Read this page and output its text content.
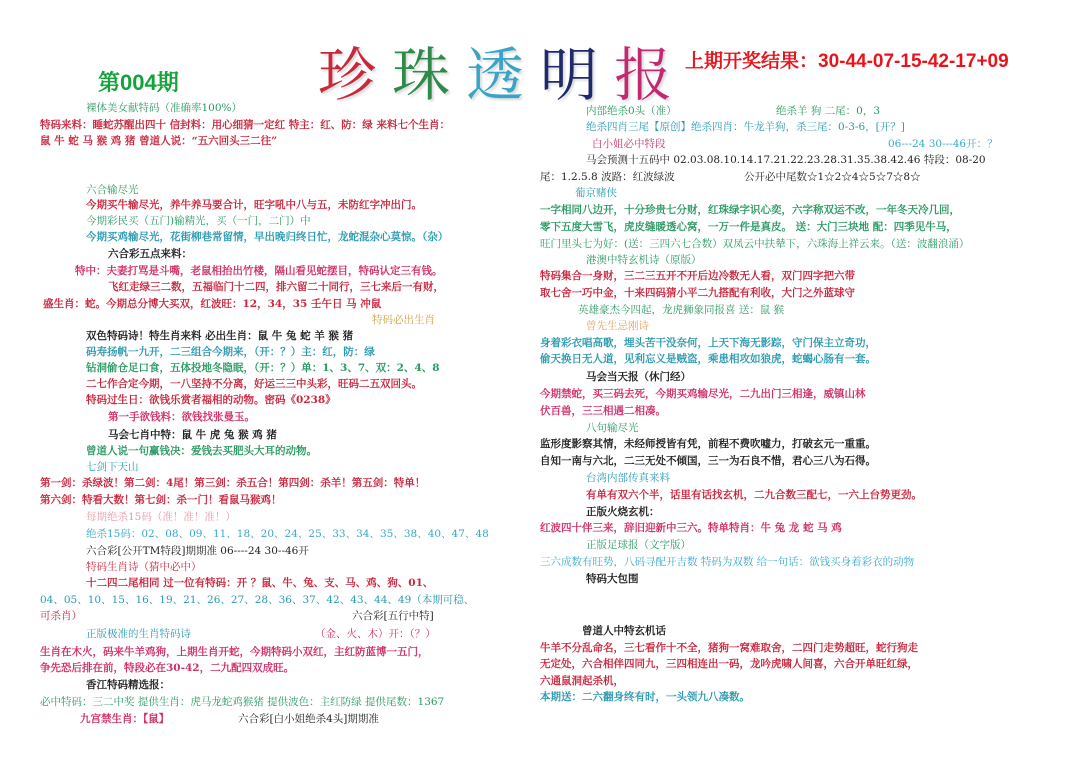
珍 珠 透 明 报 上期开奖结果：30-44-07-15-42-17+09
第004期
裸体美女献特码（准确率100%）
特码来料：睡蛇苏醒出四十 信封料：用心细猜一定红 特主：红、防：绿 来料七个生肖：
鼠 牛 蛇 马 猴 鸡 猪 曾道人说：“五六回头三二往”
六合输尽光
今期买牛输尽光，养牛养马要合计，旺字吼中八与五，未防红字冲出门。
今期彩民买（五门)输精光，买（一门，二门）中
今期买鸡输尽光，花街柳巷常留情，早出晚归终日忙，龙蛇混杂心莫惊。（杂）
六合彩五点来料：
特中：夫妻打骂是斗嘴，老鼠相抬出竹楼，隔山看见蛇摆目，特码认定三有钱。
飞红走绿三二数，五福临门十二四，排六留二十同行，三七来后一有财，
盛生肖：蛇。今期总分博大买双，红波旺：12，34，35 壬午日 马 冲鼠
特码必出生肖
双色特码诗！特生肖来料 必出生肖：鼠 牛 兔 蛇 羊 猴 猪
码寿扬帆一九开，二三组合今期来，（开：？）主：红，防：绿
钻洞偷仓足口食，五体投地冬隐眠，（开：？）单：1、3、7、双：2、4、8
二七作合定今期，一八坚持不分离，好运三三中头彩，旺码二五双回头。
特码过生日：欲钱乐赏者福相的动物。密码《0238》
第一手欲钱料：欲钱找张曼玉。
马会七肖中特：鼠 牛 虎 兔 猴 鸡 猪
曾道人说一句赢钱决：爱钱去买肥头大耳的动物。
七剑下天山
第一剑：杀绿波！第二剑：4尾！第三剑：杀五合！第四剑：杀羊！第五剑：特单！
第六剑：特看大数！第七剑：杀一门！看鼠马猴鸡！
每期绝杀15码（准！准！准！）
绝杀15码：02、08、09、11、18、20、24、25、33、34、35、38、40、47、48
六合彩[公开TM特段]期期准 06----24 30--46开
特码生肖诗（猜中必中）
十二四二尾相同 过一位有特码：开 ？鼠、牛、兔、支、马、鸡、狗、01、
04、05、10、15、16、19、21、26、27、28、36、37、42、43、44、49（本期可稳、
可杀肖）	六合彩[五行中特]
正版极准的生肖特码诗	（金、火、木）开：（？）
生肖在木火，码来牛羊鸡狗，上期生肖开蛇，今期特码小双红，主红防蓝博一五门，
争先恐后排在前，特段必在30-42，二九配四双成旺。
香江特码精选报：
必中特码：三二中奖 提供生肖：虎马龙蛇鸡猴猪 提供波色：主红防绿 提供尾数：1367
九宫禁生肖：【鼠】	六合彩[白小姐绝杀4头]期期准
内部绝杀0头（准）	绝杀羊 狗 二尾：0，3
绝杀四肖三尾【原创】绝杀四肖：牛龙羊狗，杀三尾：0-3-6，[开？]
白小姐必中特段	06---24 30---46开：？
马会预测十五码中 02.03.08.10.14.17.21.22.23.28.31.35.38.42.46 特段：08-20
尾：1.2.5.8 波路：红波绿波	公开必中尾数☆1☆2☆4☆5☆7☆8☆
葡京赌侠
一字相同八边开，十分珍贵七分财，红珠绿字识心奕，六字称双运不改，一年冬天冷几回，
零下五度大雪飞，虎皮缝暖透心窝，一万一件是真皮。 送：大门三块地 配：四季见牛马，
旺门里头七为好：(送：三四六七合数）双凤云中扶辇下，六珠海上祥云来。（送：波翻浪涌）
港澳中特玄机诗（原版）
特码集合一身财，三二三五开不开后边冷数无人看，双门四字把六带
取七舍一巧中金，十来四码猜小平二九搭配有利收，大门之外蓝球守
英雄豪杰今四起，龙虎狮象同报喜 送：鼠 猴
曾先生忌刚诗
身着彩衣唱高歌，埋头苦干没奈何，上天下海无影踪，守门保主立奇功，
偷天换日无人道，见利忘义是贼盗，乘患相攻如狼虎，蛇蝎心肠有一套。
马会当天报（休门经）
今期禁蛇，买三码去死，今期买鸡输尽光，二九出门三相逢，威镇山林
伏百兽，三三相遇二相凑。
八句输尽光
监形度影察其情，未经师授皆有凭，前程不费吹嘘力，打破玄元一重重。
自知一南与六北，二三无处不倾国，三一为石良不惜，君心三八为石得。
台湾内部传真来料
有单有双六个半，话里有话找玄机，二九合数三配七，一六上台势更劲。
正版火烧玄机：
红波四十伴三来，辞旧迎新中三六。特单特肖：牛 兔 龙 蛇 马 鸡
正版足球报（文字版）
三六成数有旺势，八码寻配开吉数 特码为双数 给一句话：欲钱买身着彩衣的动物
特码大包围
曾道人中特玄机话
牛羊不分乱命名，三七看作十不全，猪狗一窝难取舍，二四门走势超旺，蛇行狗走
无定处，六合相伴四同九，三四相连出一码，龙吟虎啸人间喜，六合开单旺红绿，
六通鼠洞起杀机，
本期送：二六翻身终有时，一头领九八凑数。
